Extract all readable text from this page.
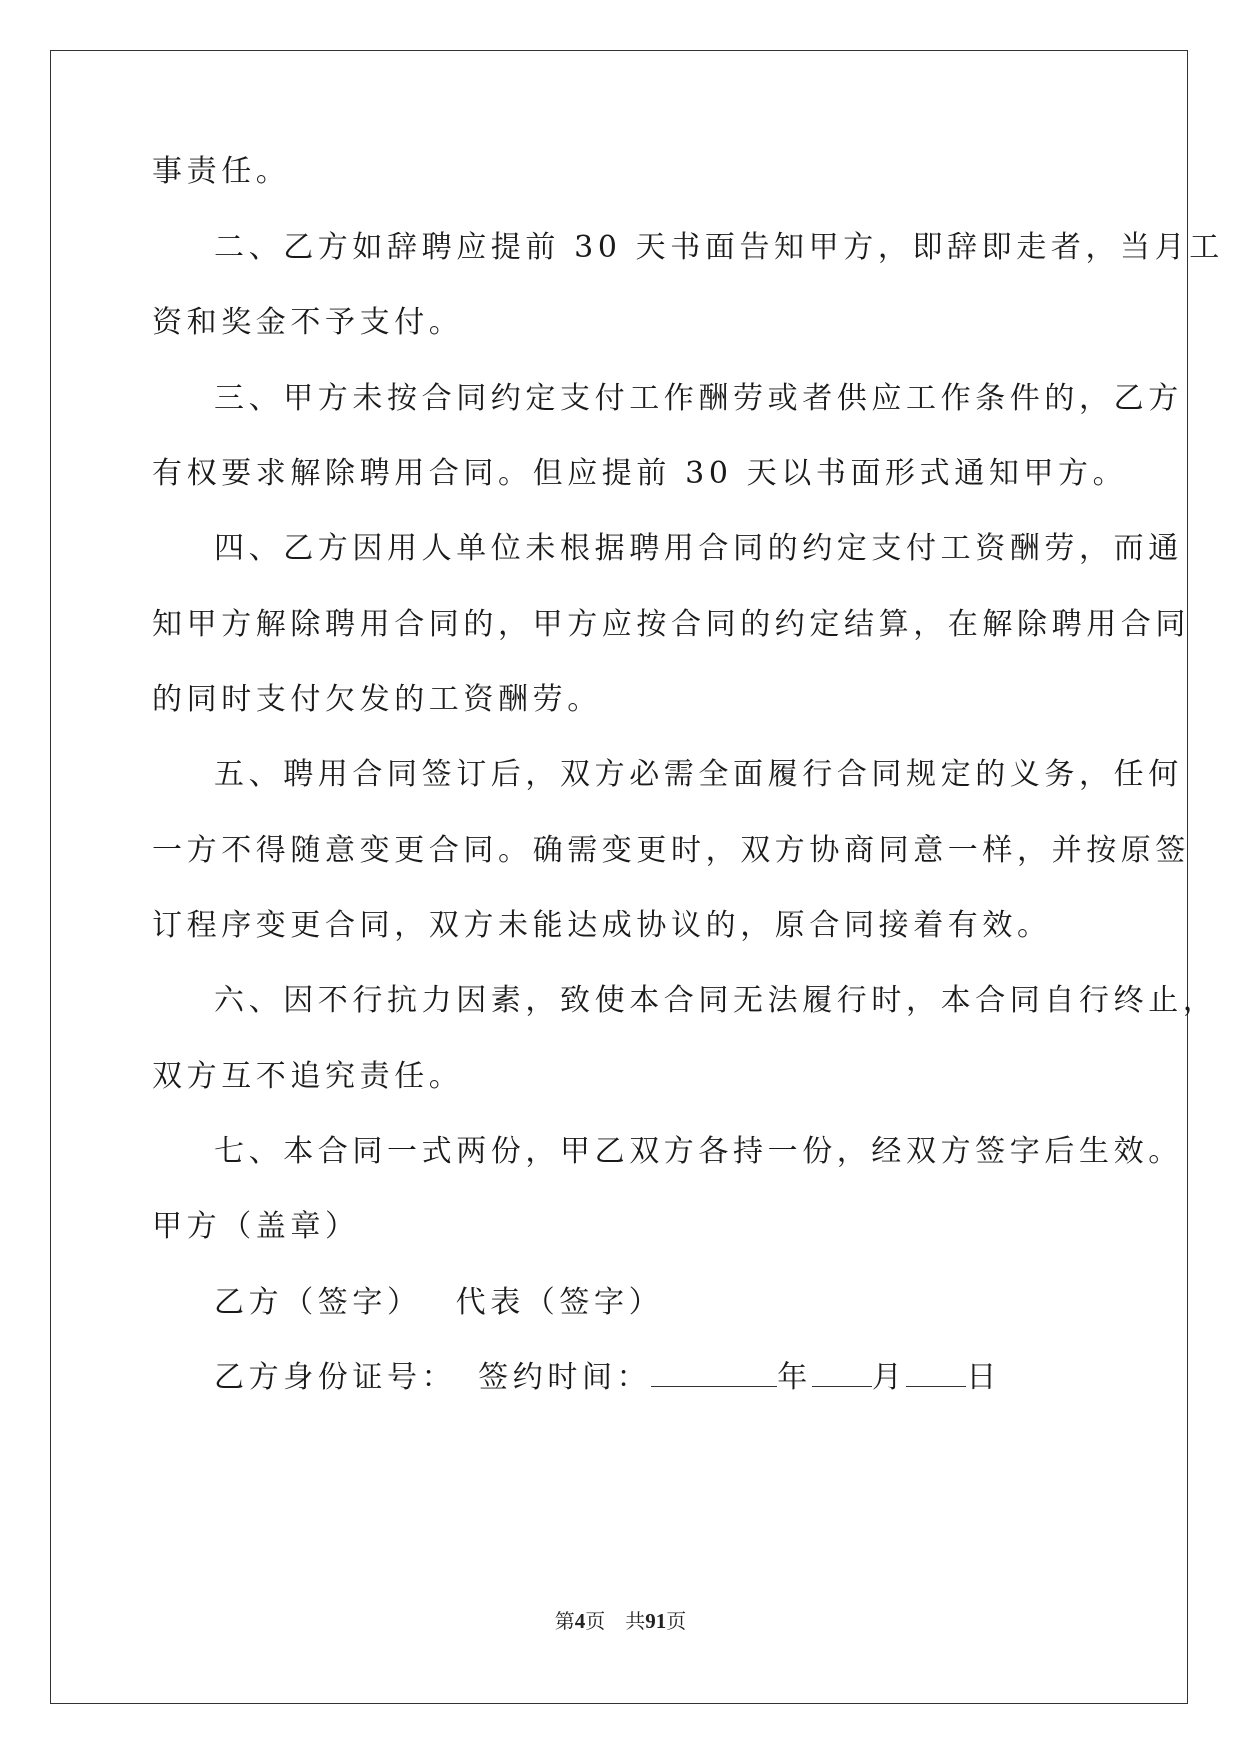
事责任。
二、乙方如辞聘应提前 30 天书面告知甲方，即辞即走者，当月工
资和奖金不予支付。
三、甲方未按合同约定支付工作酬劳或者供应工作条件的，乙方
有权要求解除聘用合同。但应提前 30 天以书面形式通知甲方。
四、乙方因用人单位未根据聘用合同的约定支付工资酬劳，而通
知甲方解除聘用合同的，甲方应按合同的约定结算，在解除聘用合同
的同时支付欠发的工资酬劳。
五、聘用合同签订后，双方必需全面履行合同规定的义务，任何
一方不得随意变更合同。确需变更时，双方协商同意一样，并按原签
订程序变更合同，双方未能达成协议的，原合同接着有效。
六、因不行抗力因素，致使本合同无法履行时，本合同自行终止，
双方互不追究责任。
七、本合同一式两份，甲乙双方各持一份，经双方签字后生效。
甲方（盖章）
乙方（签字） 代表（签字）
乙方身份证号： 签约时间：	年 月 日
第4页 共91页
